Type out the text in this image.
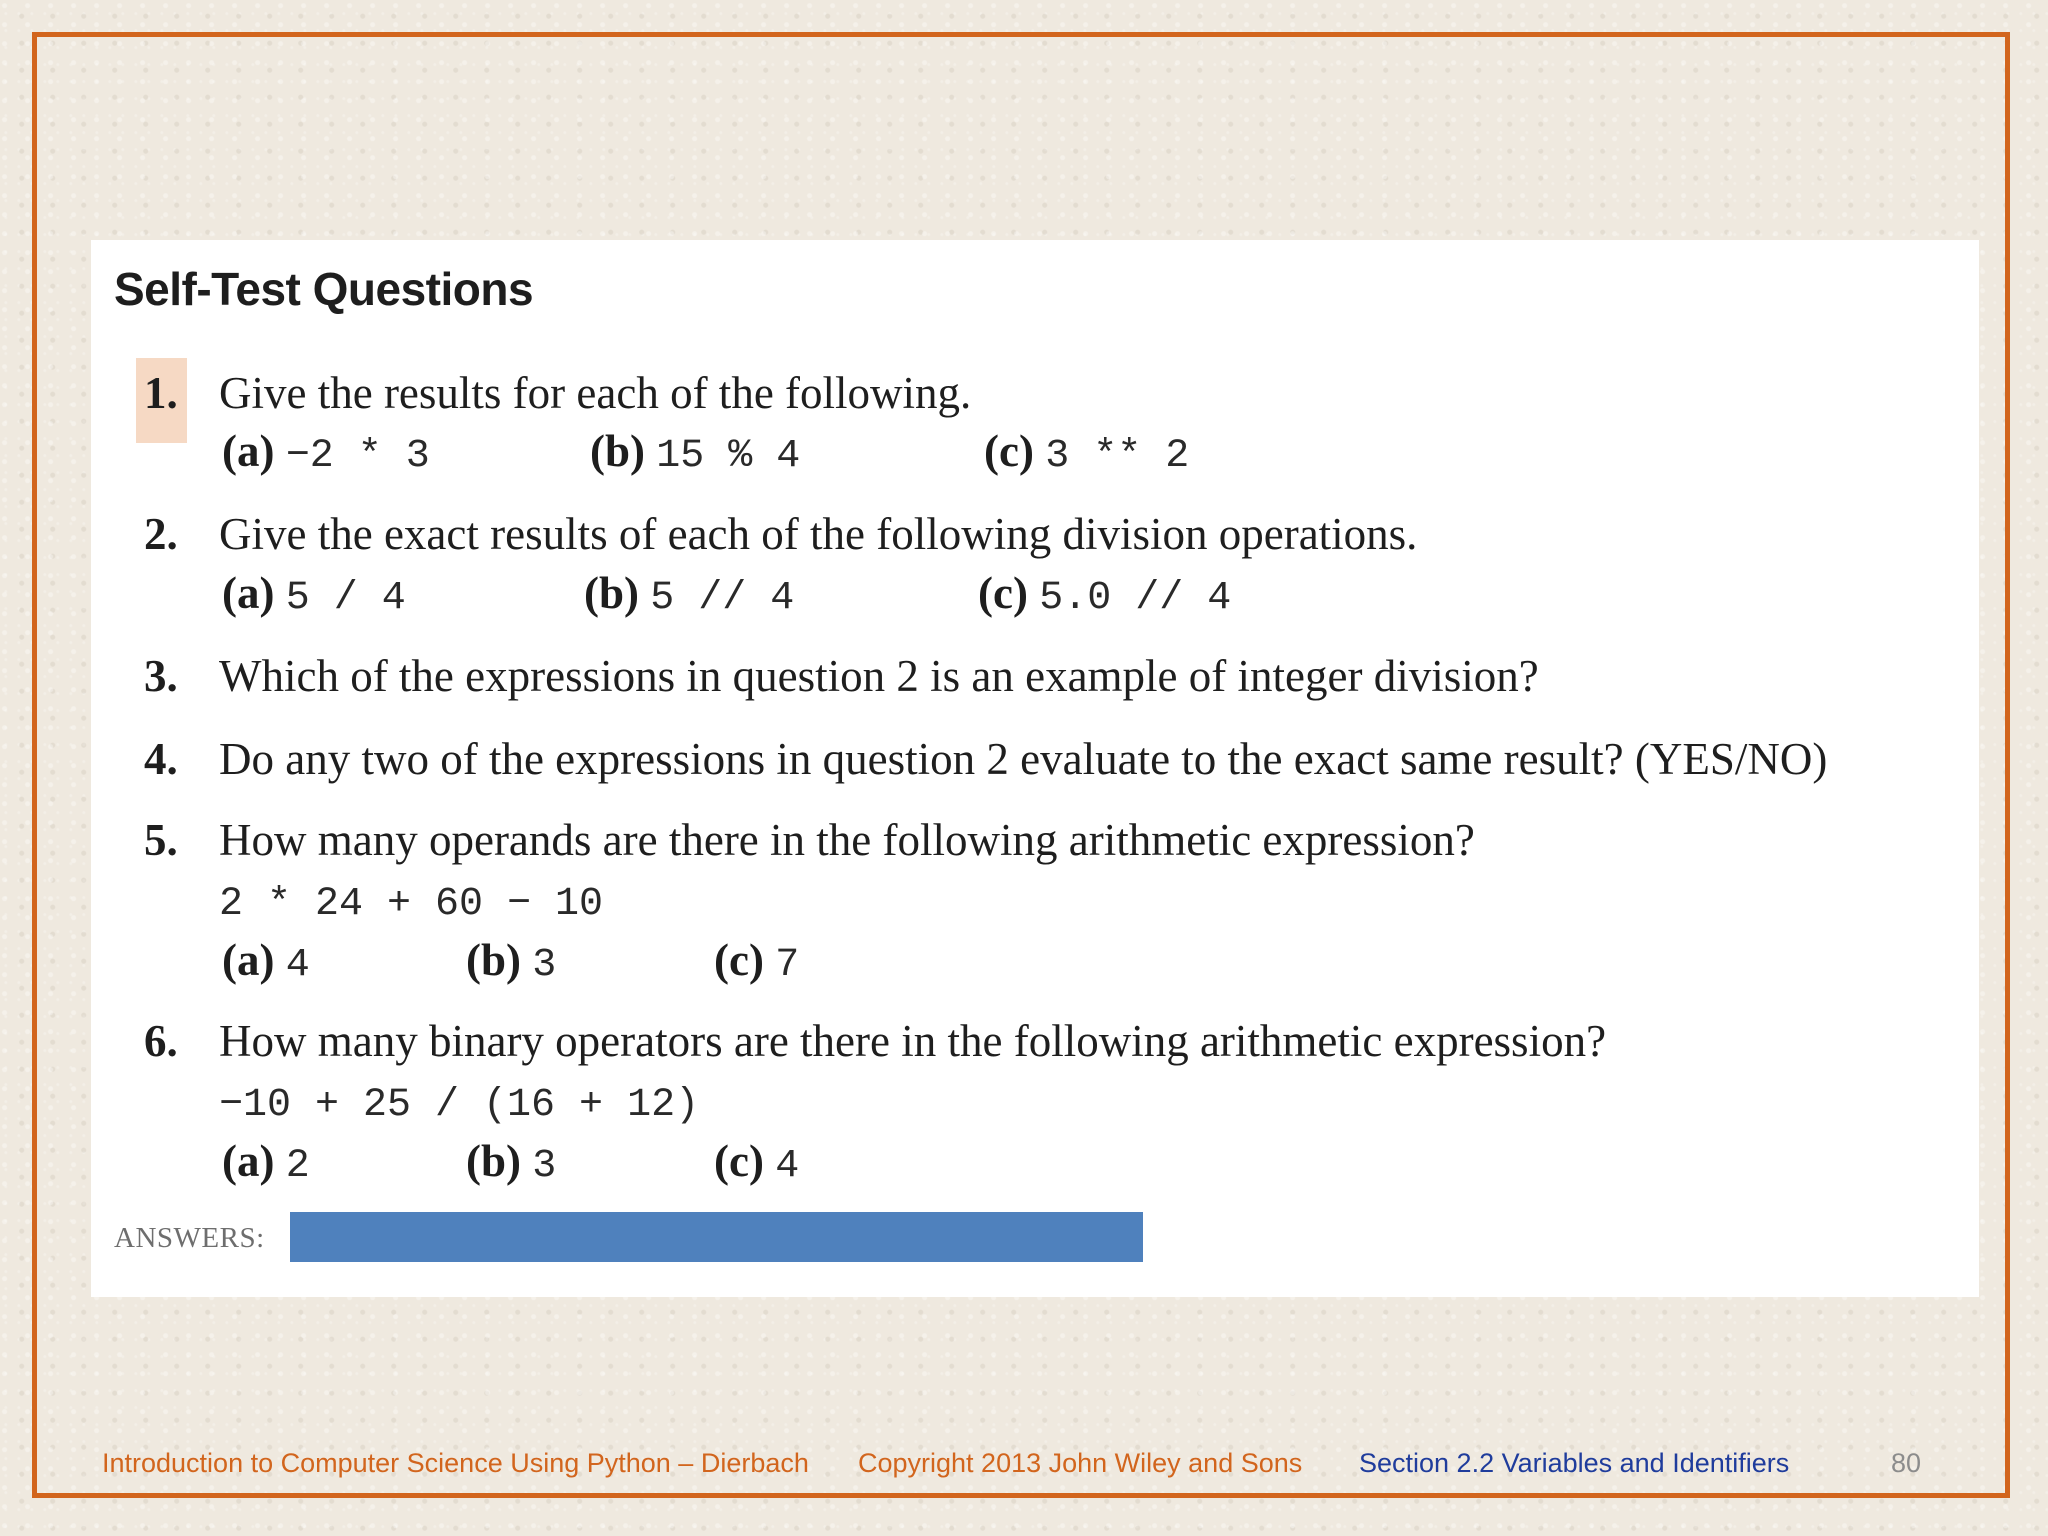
Self-Test Questions
1. Give the results for each of the following.
(a) −2 * 3	(b) 15 % 4	(c) 3 ** 2
2. Give the exact results of each of the following division operations.
(a) 5 / 4	(b) 5 // 4	(c) 5.0 // 4
3. Which of the expressions in question 2 is an example of integer division?
4. Do any two of the expressions in question 2 evaluate to the exact same result? (YES/NO)
5. How many operands are there in the following arithmetic expression?
2 * 24 + 60 − 10
(a) 4	(b) 3	(c) 7
6. How many binary operators are there in the following arithmetic expression?
−10 + 25 / (16 + 12)
(a) 2	(b) 3	(c) 4
ANSWERS:
Introduction to Computer Science Using Python – Dierbach Copyright 2013 John Wiley and Sons Section 2.2 Variables and Identifiers	80
